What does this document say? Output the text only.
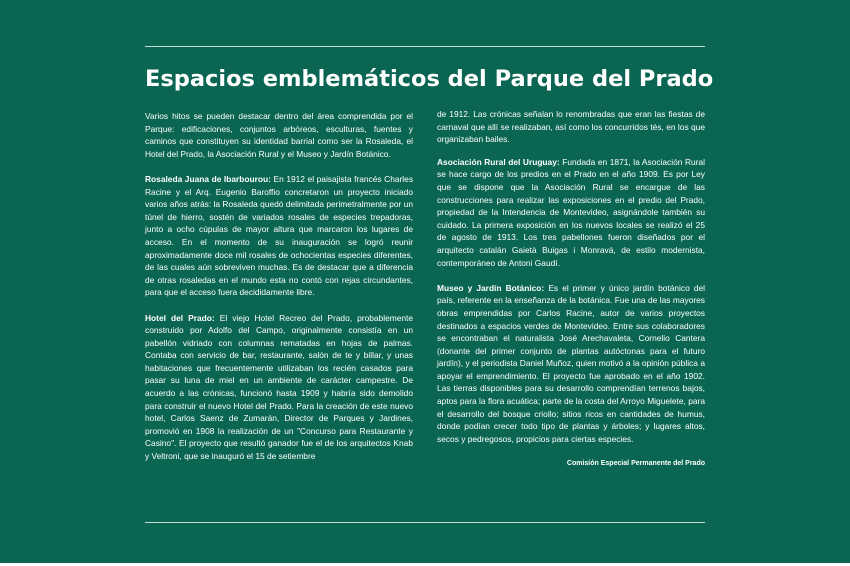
Espacios emblemáticos del Parque del Prado

Varios hitos se pueden destacar dentro del área comprendida por el Parque: edificaciones, conjuntos arbóreos, esculturas, fuentes y caminos que constituyen su identidad barrial como ser la Rosaleda, el Hotel del Prado, la Asociación Rural y el Museo y Jardín Botánico.

Rosaleda Juana de Ibarbourou: En 1912 el paisajista francés Charles Racine y el Arq. Eugenio Baroffio concretaron un proyecto iniciado varios años atrás: la Rosaleda quedó delimitada perimetralmente por un túnel de hierro, sostén de variados rosales de especies trepadoras, junto a ocho cúpulas de mayor altura que marcaron los lugares de acceso. En el momento de su inauguración se logró reunir aproximadamente doce mil rosales de ochocientas especies diferentes, de las cuales aún sobreviven muchas. Es de destacar que a diferencia de otras rosaledas en el mundo esta no contó con rejas circundantes, para que el acceso fuera decididamente libre.

Hotel del Prado: El viejo Hotel Recreo del Prado, probablemente construido por Adolfo del Campo, originalmente consistía en un pabellón vidriado con columnas rematadas en hojas de palmas. Contaba con servicio de bar, restaurante, salón de te y billar, y unas habitaciones que frecuentemente utilizaban los recién casados para pasar su luna de miel en un ambiente de carácter campestre. De acuerdo a las crónicas, funcionó hasta 1909 y habría sido demolido para construir el nuevo Hotel del Prado. Para la creación de este nuevo hotel, Carlos Saenz de Zumarán, Director de Parques y Jardines, promovió en 1908 la realización de un "Concurso para Restaurante y Casino". El proyecto que resultó ganador fue el de los arquitectos Knab y Veltroni, que se inauguró el 15 de setiembre

de 1912. Las crónicas señalan lo renombradas que eran las fiestas de carnaval que allí se realizaban, así como los concurridos tés, en los que organizaban bailes.

Asociación Rural del Uruguay: Fundada en 1871, la Asociación Rural se hace cargo de los predios en el Prado en el año 1909. Es por Ley que se dispone que la Asociación Rural se encargue de las construcciones para realizar las exposiciones en el predio del Prado, propiedad de la Intendencia de Montevideo, asignándole también su cuidado. La primera exposición en los nuevos locales se realizó el 25 de agosto de 1913. Los tres pabellones fueron diseñados por el arquitecto catalán Gaietà Buigas i Monravá, de estilo modernista, contemporáneo de Antoni Gaudí.

Museo y Jardín Botánico: Es el primer y único jardín botánico del país, referente en la enseñanza de la botánica. Fue una de las mayores obras emprendidas por Carlos Racine, autor de varios proyectos destinados a espacios verdes de Montevideo. Entre sus colaboradores se encontraban el naturalista José Arechavaleta, Cornelio Cantera (donante del primer conjunto de plantas autóctonas para el futuro jardín), y el periodista Daniel Muñoz, quien motivó a la opinión pública a apoyar el emprendimiento. El proyecto fue aprobado en el año 1902. Las tierras disponibles para su desarrollo comprendían terrenos bajos, aptos para la flora acuática; parte de la costa del Arroyo Miguelete, para el desarrollo del bosque criollo; sitios ricos en cantidades de humus, donde podían crecer todo tipo de plantas y árboles; y lugares altos, secos y pedregosos, propicios para ciertas especies.

Comisión Especial Permanente del Prado
